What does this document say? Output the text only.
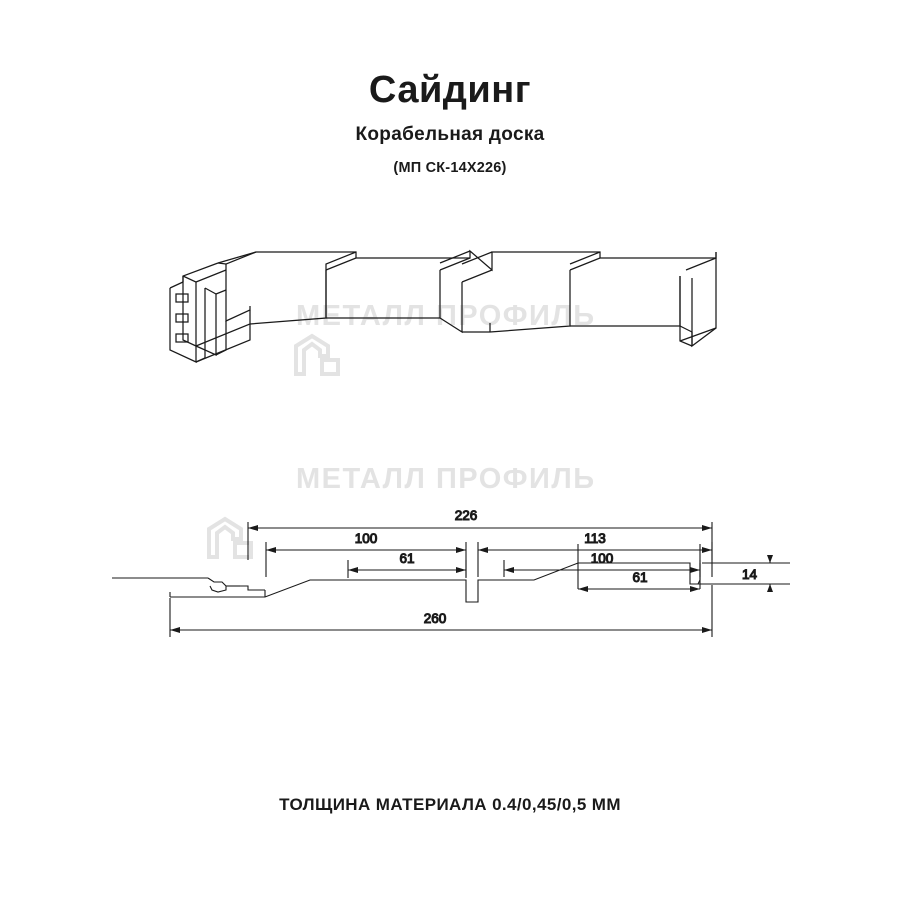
Сайдинг
Корабельная доска
(МП СК-14Х226)
МЕТАЛЛ ПРОФИЛЬ
МЕТАЛЛ ПРОФИЛЬ
226
100
61
113
100
61	14
260
ТОЛЩИНА МАТЕРИАЛА 0.4/0,45/0,5 ММ
